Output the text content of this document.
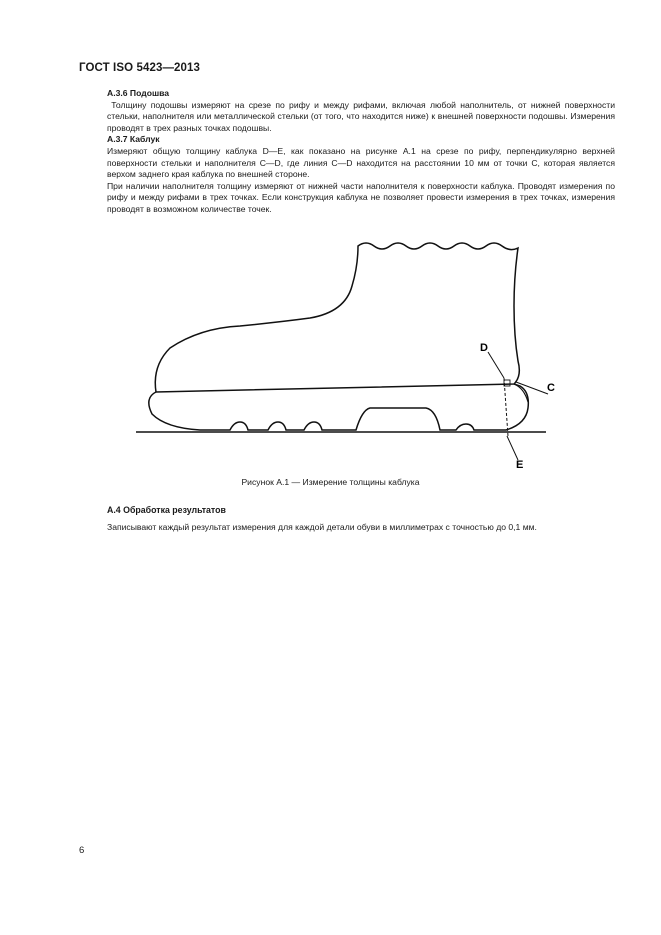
ГОСТ ISO 5423—2013
А.3.6 Подошва
Толщину подошвы измеряют на срезе по рифу и между рифами, включая любой наполнитель, от нижней поверхности стельки, наполнителя или металлической стельки (от того, что находится ниже) к внешней поверхности подошвы. Измерения проводят в трех разных точках подошвы.
А.3.7 Каблук
Измеряют общую толщину каблука D—E, как показано на рисунке А.1 на срезе по рифу, перпендикулярно верхней поверхности стельки и наполнителя C—D, где линия C—D находится на расстоянии 10 мм от точки C, которая является верхом заднего края каблука по внешней стороне.
При наличии наполнителя толщину измеряют от нижней части наполнителя к поверхности каблука. Проводят измерения по рифу и между рифами в трех точках. Если конструкция каблука не позволяет провести измерения в трех точках, измерения проводят в возможном количестве точек.
D
C
E
Рисунок А.1 — Измерение толщины каблука
А.4 Обработка результатов
Записывают каждый результат измерения для каждой детали обуви в миллиметрах с точностью до 0,1 мм.
6
